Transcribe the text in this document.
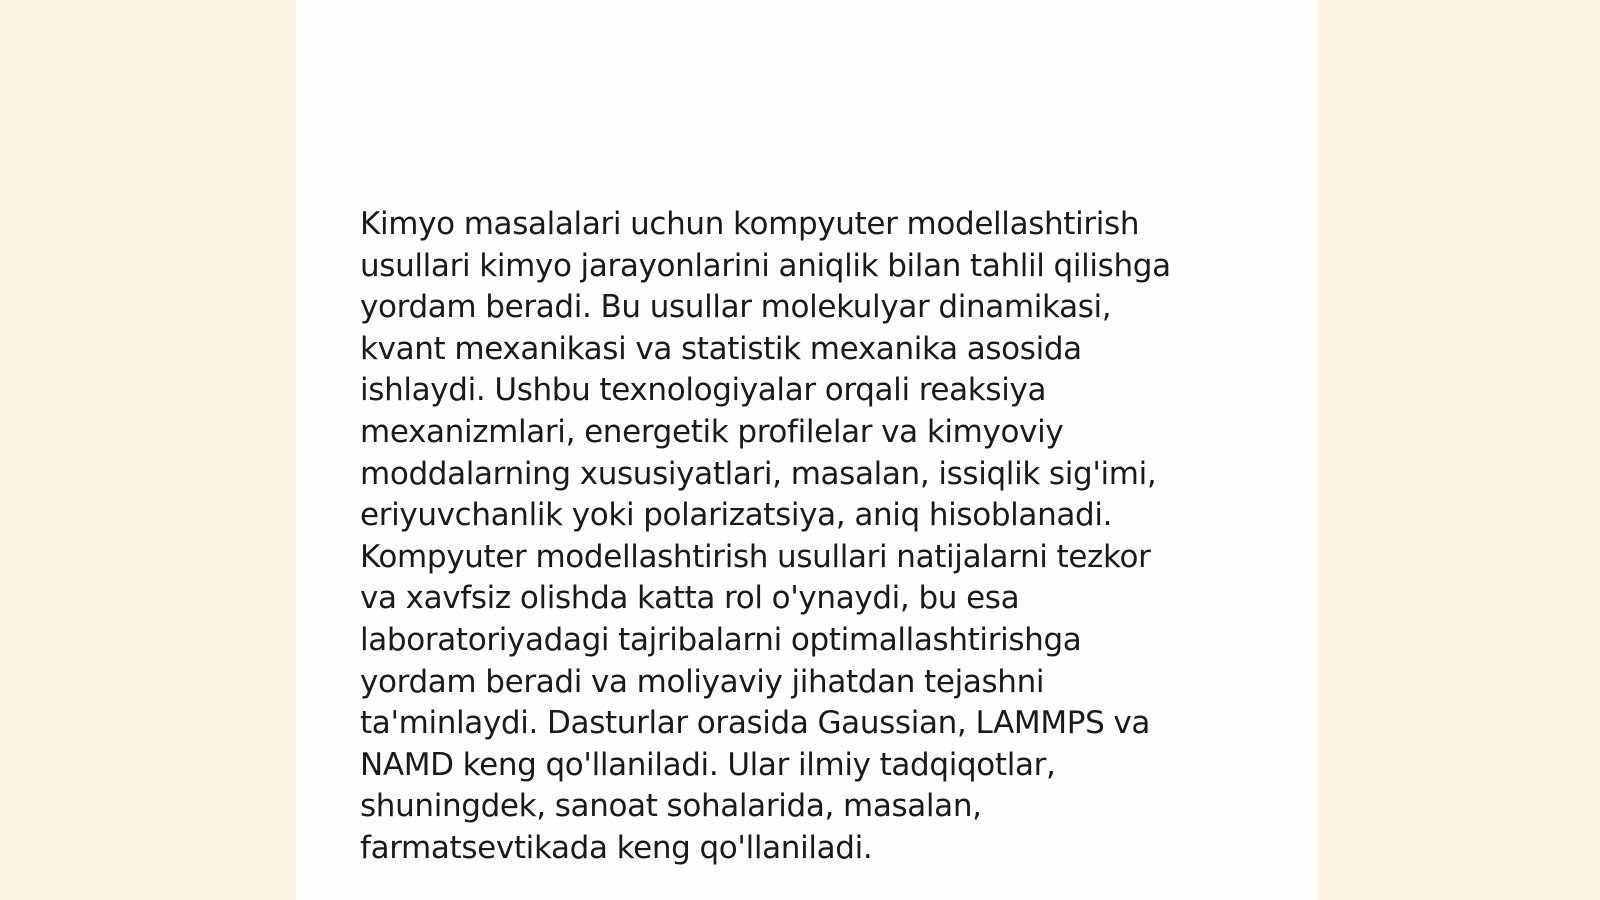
Kimyo masalalari uchun kompyuter modellashtirish
usullari kimyo jarayonlarini aniqlik bilan tahlil qilishga
yordam beradi. Bu usullar molekulyar dinamikasi,
kvant mexanikasi va statistik mexanika asosida
ishlaydi. Ushbu texnologiyalar orqali reaksiya
mexanizmlari, energetik profilelar va kimyoviy
moddalarning xususiyatlari, masalan, issiqlik sig'imi,
eriyuvchanlik yoki polarizatsiya, aniq hisoblanadi.
Kompyuter modellashtirish usullari natijalarni tezkor
va xavfsiz olishda katta rol o'ynaydi, bu esa
laboratoriyadagi tajribalarni optimallashtirishga
yordam beradi va moliyaviy jihatdan tejashni
ta'minlaydi. Dasturlar orasida Gaussian, LAMMPS va
NAMD keng qo'llaniladi. Ular ilmiy tadqiqotlar,
shuningdek, sanoat sohalarida, masalan,
farmatsevtikada keng qo'llaniladi.
